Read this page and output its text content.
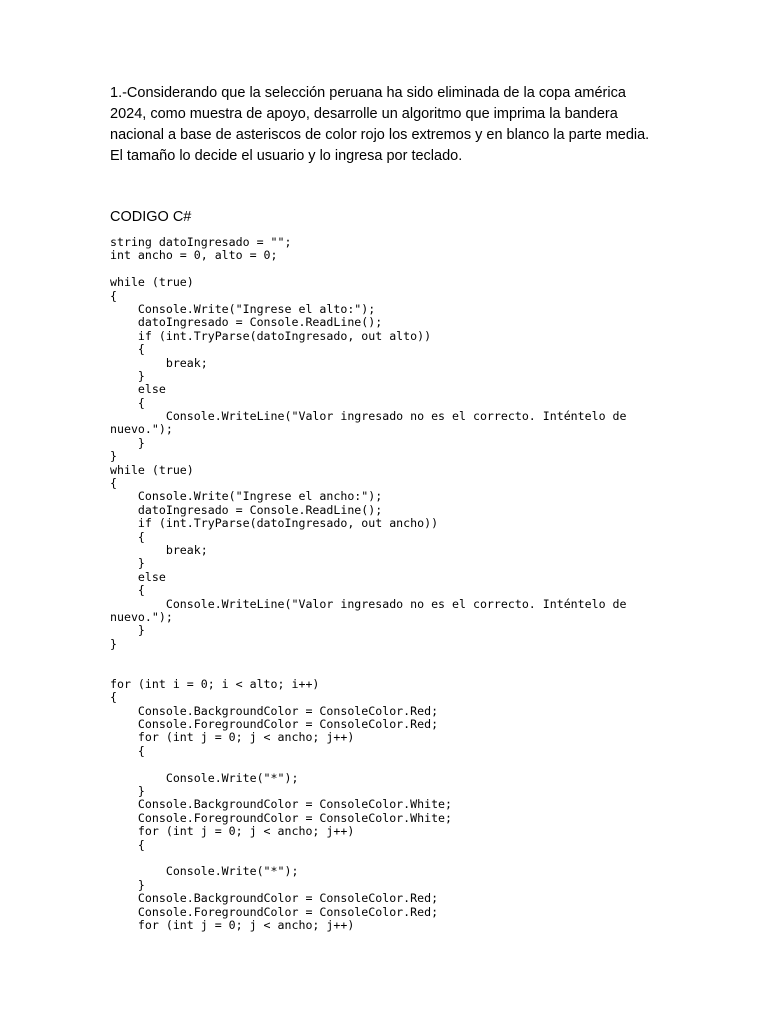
1.-Considerando que la selección peruana ha sido eliminada de la copa américa 2024, como muestra de apoyo, desarrolle un algoritmo que imprima la bandera nacional a base de asteriscos de color rojo los extremos y en blanco la parte media. El tamaño lo decide el usuario y lo ingresa por teclado.

CODIGO C#

string datoIngresado = "";
int ancho = 0, alto = 0;
while (true)
{
Console.Write("Ingrese el alto:");
datoIngresado = Console.ReadLine();
if (int.TryParse(datoIngresado, out alto))
{
break;
}
else
{
Console.WriteLine("Valor ingresado no es el correcto. Inténtelo de
nuevo.");
}
}
while (true)
{
Console.Write("Ingrese el ancho:");
datoIngresado = Console.ReadLine();
if (int.TryParse(datoIngresado, out ancho))
{
break;
}
else
{
Console.WriteLine("Valor ingresado no es el correcto. Inténtelo de
nuevo.");
}
}
for (int i = 0; i < alto; i++)
{
Console.BackgroundColor = ConsoleColor.Red;
Console.ForegroundColor = ConsoleColor.Red;
for (int j = 0; j < ancho; j++)
{
Console.Write("*");
}
Console.BackgroundColor = ConsoleColor.White;
Console.ForegroundColor = ConsoleColor.White;
for (int j = 0; j < ancho; j++)
{
Console.Write("*");
}
Console.BackgroundColor = ConsoleColor.Red;
Console.ForegroundColor = ConsoleColor.Red;
for (int j = 0; j < ancho; j++)
